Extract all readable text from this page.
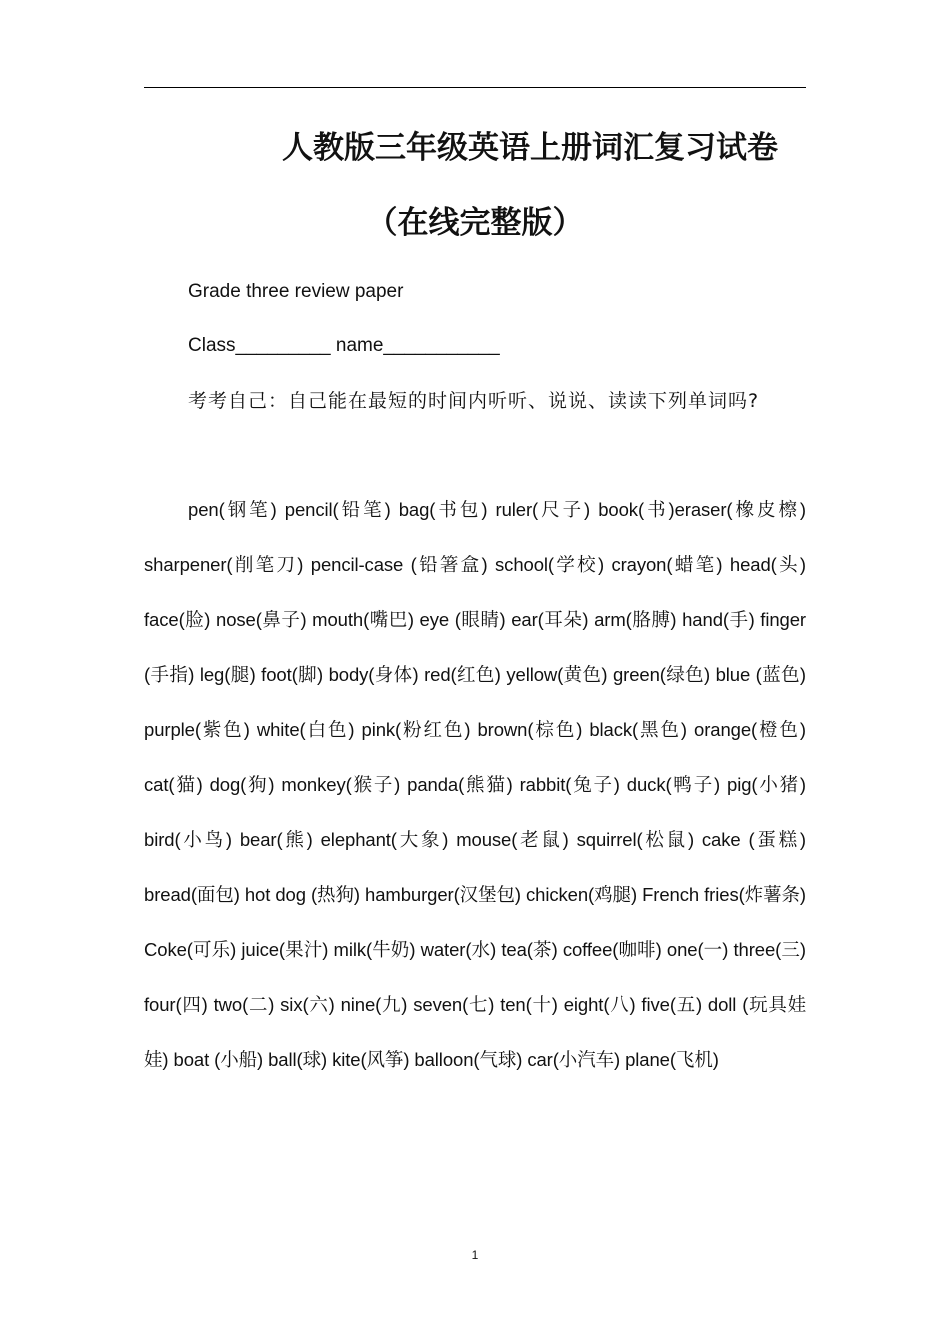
人教版三年级英语上册词汇复习试卷
（在线完整版）

Grade three review paper

Class_________ name___________

考考自己：自己能在最短的时间内听听、说说、读读下列单词吗?

pen(钢笔) pencil(铅笔) bag(书包) ruler(尺子) book(书)eraser(橡皮檫) sharpener(削笔刀) pencil-case (铅箸盒) school(学校) crayon(蜡笔) head(头) face(脸) nose(鼻子) mouth(嘴巴) eye (眼睛) ear(耳朵) arm(胳膊) hand(手) finger (手指) leg(腿) foot(脚) body(身体) red(红色) yellow(黄色) green(绿色) blue (蓝色) purple(紫色) white(白色) pink(粉红色) brown(棕色) black(黑色) orange(橙色) cat(猫) dog(狗) monkey(猴子) panda(熊猫) rabbit(兔子) duck(鸭子) pig(小猪) bird(小鸟) bear(熊) elephant(大象) mouse(老鼠) squirrel(松鼠) cake (蛋糕) bread(面包) hot dog (热狗) hamburger(汉堡包) chicken(鸡腿) French fries(炸薯条) Coke(可乐) juice(果汁) milk(牛奶) water(水) tea(茶) coffee(咖啡) one(一) three(三) four(四) two(二) six(六) nine(九) seven(七) ten(十) eight(八) five(五) doll (玩具娃娃) boat (小船) ball(球) kite(风筝) balloon(气球) car(小汽车) plane(飞机)

1
